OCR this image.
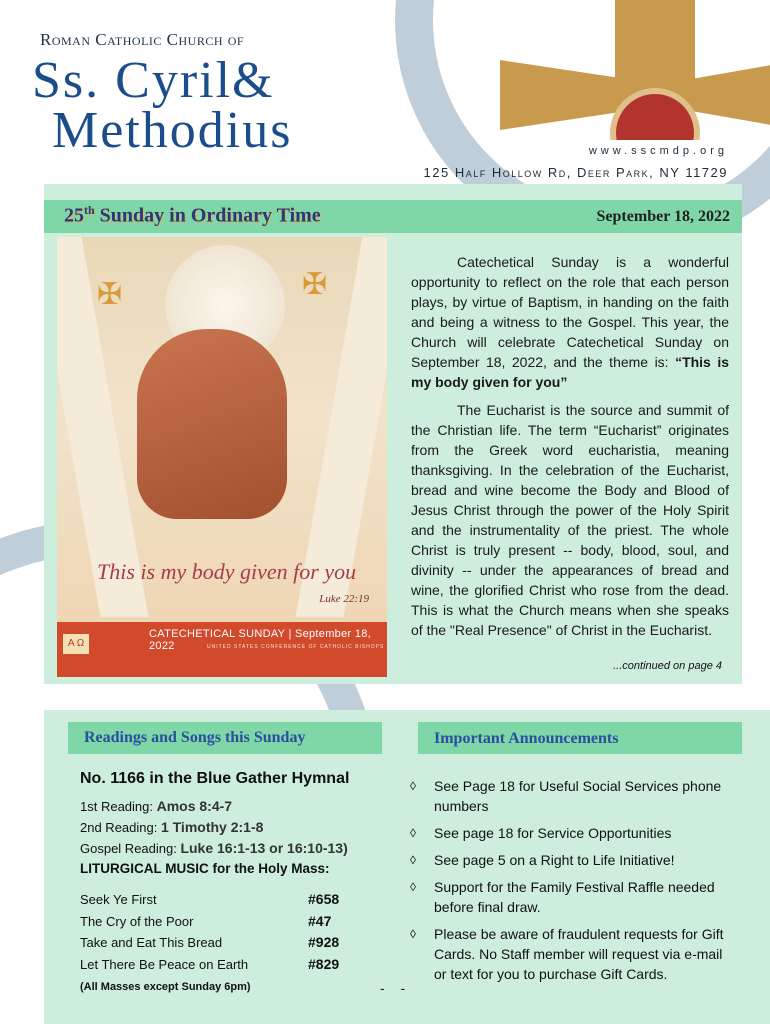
Roman Catholic Church of
Ss. Cyril&
Methodius	www.sscmdp.org
125 Half Hollow Rd, Deer Park, NY 11729
25th Sunday in Ordinary Time	September 18, 2022
✠	✠
This is my body given for you
Luke 22:19
A Ω
CATECHETICAL SUNDAY | September 18, 2022	UNITED STATES CONFERENCE OF CATHOLIC BISHOPS

Catechetical Sunday is a wonderful opportunity to reflect on the role that each person plays, by virtue of Baptism, in handing on the faith and being a witness to the Gospel. This year, the Church will celebrate Catechetical Sunday on September 18, 2022, and the theme is: “This is my body given for you”

The Eucharist is the source and summit of the Christian life. The term “Eucharist” originates from the Greek word eucharistia, meaning thanksgiving. In the celebration of the Eucharist, bread and wine become the Body and Blood of Jesus Christ through the power of the Holy Spirit and the instrumentality of the priest. The whole Christ is truly present -- body, blood, soul, and divinity -- under the appearances of bread and wine, the glorified Christ who rose from the dead. This is what the Church means when she speaks of the "Real Presence" of Christ in the Eucharist.

...continued on page 4
Readings and Songs this Sunday	Important Announcements
No. 1166 in the Blue Gather Hymnal
1st Reading: Amos 8:4-7
2nd Reading: 1 Timothy 2:1-8
Gospel Reading: Luke 16:1-13 or 16:10-13)
LITURGICAL MUSIC for the Holy Mass:
Seek Ye First	#658
The Cry of the Poor	#47
Take and Eat This Bread	#928
Let There Be Peace on Earth	#829
(All Masses except Sunday 6pm)
◊ See Page 18 for Useful Social Services phone numbers
◊ See page 18 for Service Opportunities
◊ See page 5 on a Right to Life Initiative!
◊ Support for the Family Festival Raffle needed before final draw.
◊ Please be aware of fraudulent requests for Gift Cards. No Staff member will request via e-mail or text for you to purchase Gift Cards.
- -
